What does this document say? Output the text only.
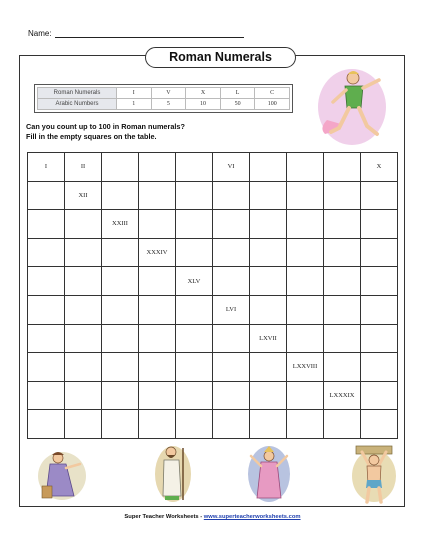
Name:
Roman Numerals
Roman Numerals	I	V	X	L	C
Arabic Numbers	1	5	10	50	100
Can you count up to 100 in Roman numerals?
Fill in the empty squares on the table.
I	II				VI				X
	XII								
		XXIII							
			XXXIV						
				XLV					
					LVI				
						LXVII			
							LXXVIII		
								LXXXIX	

Super Teacher Worksheets - www.superteacherworksheets.com
